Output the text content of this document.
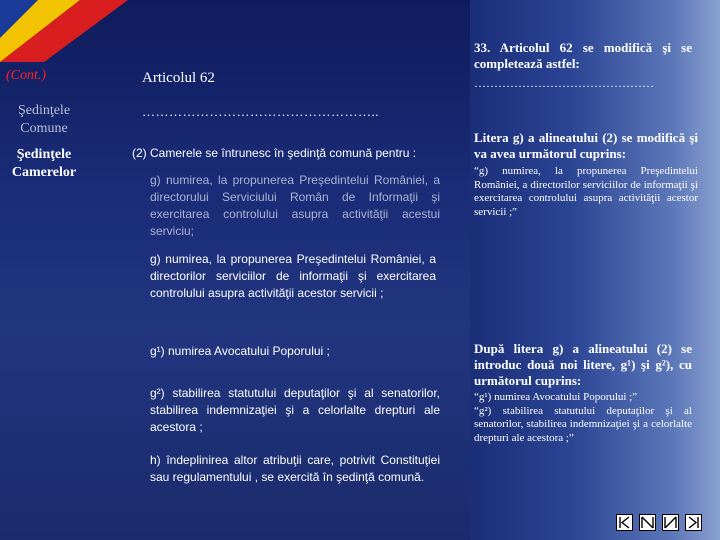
(Cont.)	Articolul 62
Şedinţele Comune
Şedinţele Camerelor
……………………………………………..
(2) Camerele se întrunesc în şedinţă comună pentru :
g) numirea, la propunerea Preşedintelui României, a directorului Serviciului Român de Informaţii şi exercitarea controlului asupra activităţii acestui serviciu;
g) numirea, la propunerea Preşedintelui României, a directorilor serviciilor de informaţii şi exercitarea controlului asupra activităţii acestor servicii ;
g¹) numirea Avocatului Poporului ;
g²) stabilirea statutului deputaţilor şi al senatorilor, stabilirea indemnizaţiei şi a celorlalte drepturi ale acestora ;
h) îndeplinirea altor atribuţii care, potrivit Constituţiei sau regulamentului , se exercită în şedinţă comună.
33. Articolul 62 se modifică şi se completează astfel:
………………………………………
Litera g) a alineatului (2) se modifică şi va avea următorul cuprins:
“g) numirea, la propunerea Preşedintelui României, a directorilor serviciilor de informaţii şi exercitarea controlului asupra activităţii acestor servicii ;”
După litera g) a alineatului (2) se introduc două noi litere, g¹) şi g²), cu următorul cuprins:
“g¹) numirea Avocatului Poporului ;”
“g²) stabilirea statutului deputaţilor şi al senatorilor, stabilirea indemnizaţiei şi a celorlalte drepturi ale acestora ;”
